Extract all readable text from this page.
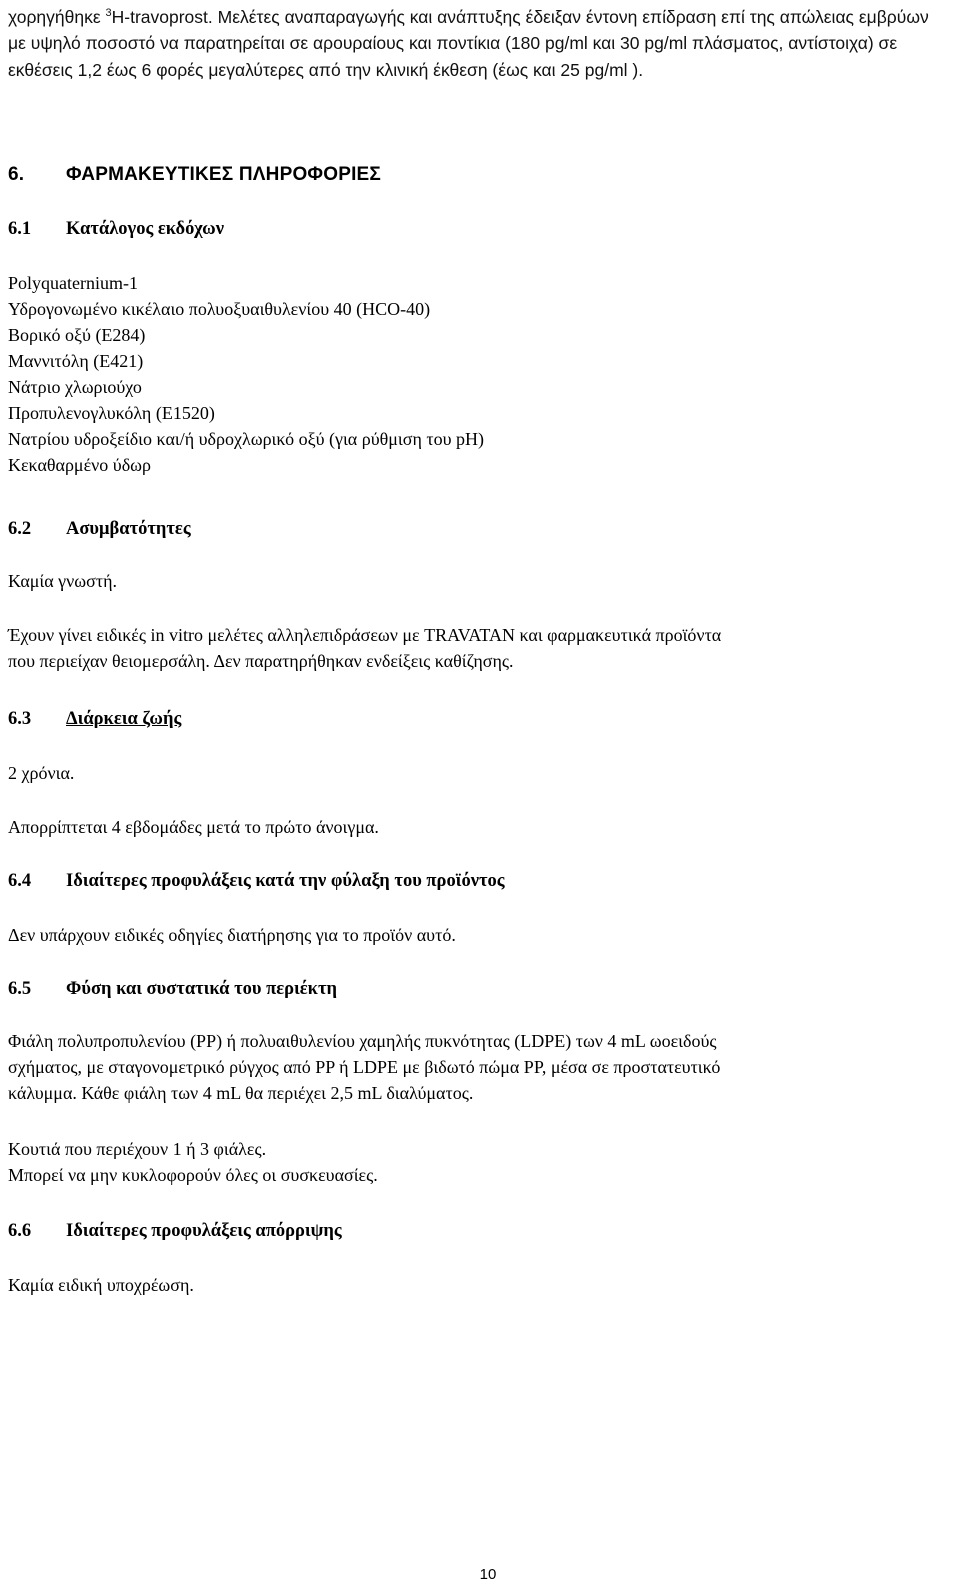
χορηγήθηκε $^3$H-travoprost. Μελέτες αναπαραγωγής και ανάπτυξης έδειξαν έντονη επίδραση επί της απώλειας εμβρύων με υψηλό ποσοστό να παρατηρείται σε αρουραίους και ποντίκια (180 pg/ml και 30 pg/ml πλάσματος, αντίστοιχα) σε εκθέσεις 1,2 έως 6 φορές μεγαλύτερες από την κλινική έκθεση (έως και 25 pg/ml ).

6. ΦΑΡΜΑΚΕΥΤΙΚΕΣ ΠΛΗΡΟΦΟΡΙΕΣ
6.1 Κατάλογος εκδόχων
Polyquaternium-1
Υδρογονωμένο κικέλαιο πολυοξυαιθυλενίου 40 (HCO-40)
Βορικό οξύ (E284)
Μαννιτόλη (E421)
Νάτριο χλωριούχο
Προπυλενογλυκόλη (E1520)
Νατρίου υδροξείδιο και/ή υδροχλωρικό οξύ (για ρύθμιση του pH)
Κεκαθαρμένο ύδωρ
6.2 Ασυμβατότητες
Καμία γνωστή.
Έχουν γίνει ειδικές in vitro μελέτες αλληλεπιδράσεων με TRAVATAN και φαρμακευτικά προϊόντα
που περιείχαν θειομερσάλη. Δεν παρατηρήθηκαν ενδείξεις καθίζησης.
6.3 Διάρκεια ζωής
2 χρόνια.
Απορρίπτεται 4 εβδομάδες μετά το πρώτο άνοιγμα.
6.4 Ιδιαίτερες προφυλάξεις κατά την φύλαξη του προϊόντος
Δεν υπάρχουν ειδικές οδηγίες διατήρησης για το προϊόν αυτό.
6.5 Φύση και συστατικά του περιέκτη
Φιάλη πολυπροπυλενίου (PP) ή πολυαιθυλενίου χαμηλής πυκνότητας (LDPE) των 4 mL ωοειδούς
σχήματος, με σταγονομετρικό ρύγχος από PP ή LDPE με βιδωτό πώμα PP, μέσα σε προστατευτικό
κάλυμμα. Κάθε φιάλη των 4 mL θα περιέχει 2,5 mL διαλύματος.
Κουτιά που περιέχουν 1 ή 3 φιάλες.
Μπορεί να μην κυκλοφορούν όλες οι συσκευασίες.
6.6 Ιδιαίτερες προφυλάξεις απόρριψης
Καμία ειδική υποχρέωση.
10
